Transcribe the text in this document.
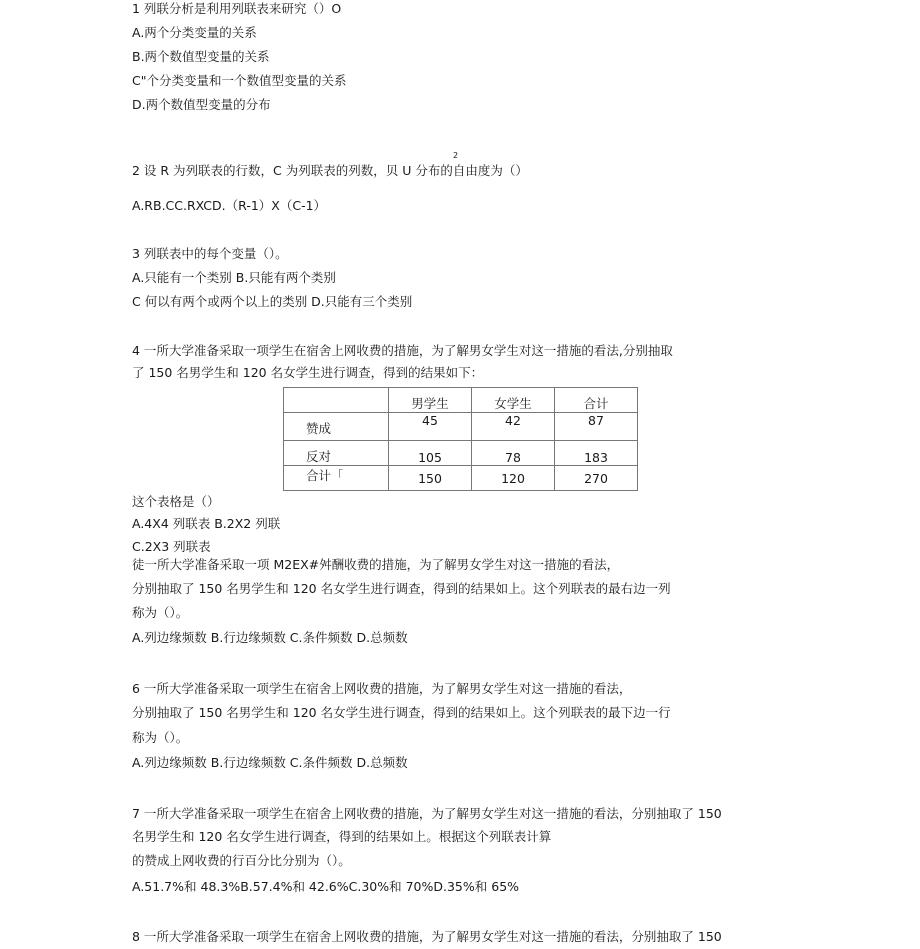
1 列联分析是利用列联表来研究（）O
A.两个分类变量的关系
B.两个数值型变量的关系
C"个分类变量和一个数值型变量的关系
D.两个数值型变量的分布
2
2 设 R 为列联表的行数，C 为列联表的列数，贝 U 分布的自由度为（）
A.RB.CC.RXCD.（R-1）X（C-1）
3 列联表中的每个变量（）。
A.只能有一个类别 B.只能有两个类别
C 何以有两个或两个以上的类别 D.只能有三个类别
4 一所大学准备采取一项学生在宿舍上网收费的措施，为了解男女学生对这一措施的看法,分别抽取
了 150 名男学生和 120 名女学生进行调查，得到的结果如下：
	男学生	女学生	合计
赞成	45	42	87
反对	105	78	183
合计「	150	120	270
这个表格是（）
A.4X4 列联表 B.2X2 列联
C.2X3 列联表
徒一所大学准备采取一项 M2EX#舛酬收费的措施，为了解男女学生对这一措施的看法，
分别抽取了 150 名男学生和 120 名女学生进行调查，得到的结果如上。这个列联表的最右边一列
称为（）。
A.列边缘频数 B.行边缘频数 C.条件频数 D.总频数
6 一所大学准备采取一项学生在宿舍上网收费的措施，为了解男女学生对这一措施的看法，
分别抽取了 150 名男学生和 120 名女学生进行调查，得到的结果如上。这个列联表的最下边一行
称为（）。
A.列边缘频数 B.行边缘频数 C.条件频数 D.总频数
7 一所大学准备采取一项学生在宿舍上网收费的措施，为了解男女学生对这一措施的看法，分别抽取了 150
名男学生和 120 名女学生进行调查，得到的结果如上。根据这个列联表计算
的赞成上网收费的行百分比分别为（）。
A.51.7%和 48.3%B.57.4%和 42.6%C.30%和 70%D.35%和 65%
8 一所大学准备采取一项学生在宿舍上网收费的措施，为了解男女学生对这一措施的看法，分别抽取了 150
